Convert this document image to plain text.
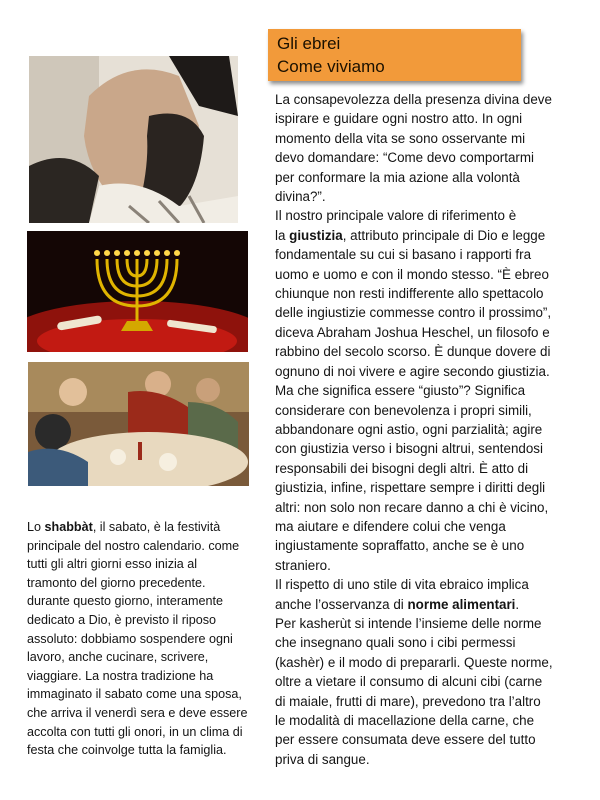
Gli ebrei
Come viviamo

La consapevolezza della presenza divina deve

ispirare e guidare ogni nostro atto. In ogni

momento della vita se sono osservante mi

devo domandare: “Come devo comportarmi

per conformare la mia azione alla volontà

divina?”.

Il nostro principale valore di riferimento è

la giustizia, attributo principale di Dio e legge

fondamentale su cui si basano i rapporti fra

uomo e uomo e con il mondo stesso. “È ebreo

chiunque non resti indifferente allo spettacolo

delle ingiustizie commesse contro il prossimo”,

diceva Abraham Joshua Heschel, un filosofo e

rabbino del secolo scorso. È dunque dovere di

ognuno di noi vivere e agire secondo giustizia.

Ma che significa essere “giusto”? Significa

considerare con benevolenza i propri simili,

abbandonare ogni astio, ogni parzialità; agire

con giustizia verso i bisogni altrui, sentendosi

responsabili dei bisogni degli altri. È atto di

giustizia, infine, rispettare sempre i diritti degli

altri: non solo non recare danno a chi è vicino,

ma aiutare e difendere colui che venga

ingiustamente sopraffatto, anche se è uno

straniero.

Il rispetto di uno stile di vita ebraico implica

anche l’osservanza di norme alimentari.

Per kasherùt si intende l’insieme delle norme

che insegnano quali sono i cibi permessi

(kashèr) e il modo di prepararli. Queste norme,

oltre a vietare il consumo di alcuni cibi (carne

di maiale, frutti di mare), prevedono tra l’altro

le modalità di macellazione della carne, che

per essere consumata deve essere del tutto

priva di sangue.

Lo shabbàt, il sabato, è la festività

principale del nostro calendario. come

tutti gli altri giorni esso inizia al

tramonto del giorno precedente.

durante questo giorno, interamente

dedicato a Dio, è previsto il riposo

assoluto: dobbiamo sospendere ogni

lavoro, anche cucinare, scrivere,

viaggiare. La nostra tradizione ha

immaginato il sabato come una sposa,

che arriva il venerdì sera e deve essere

accolta con tutti gli onori, in un clima di

festa che coinvolge tutta la famiglia.
